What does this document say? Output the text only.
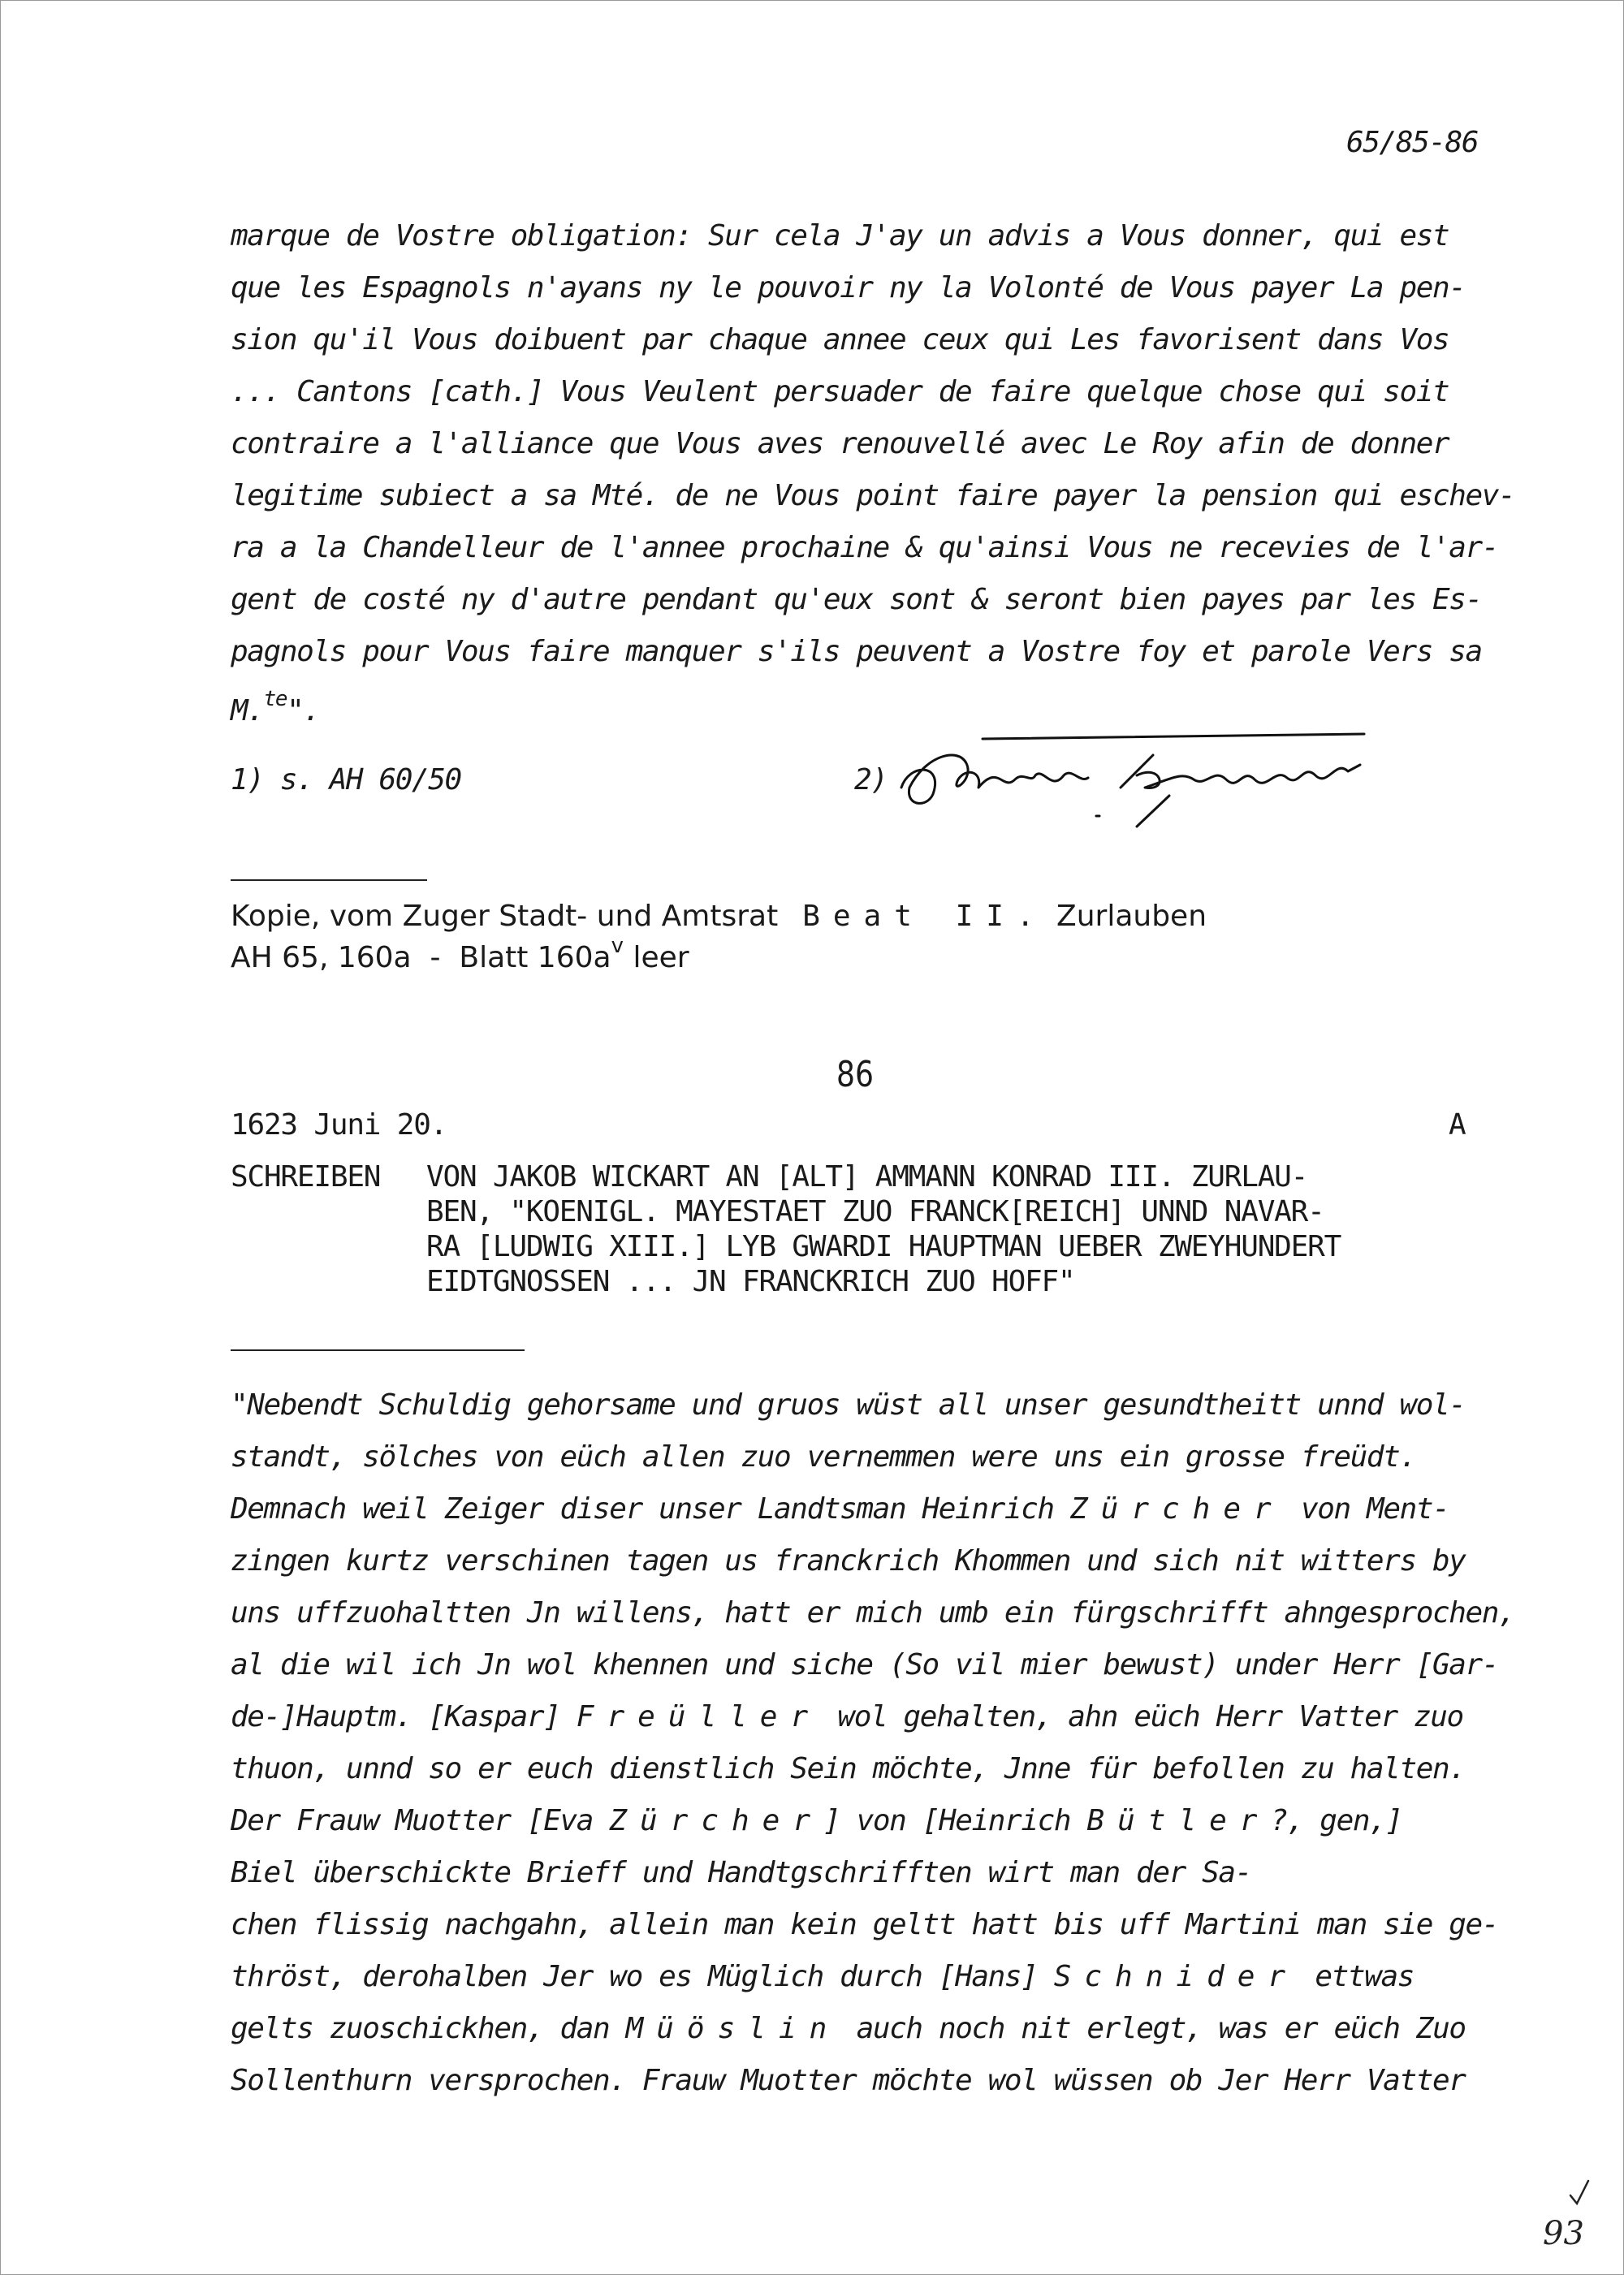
65/85-86
marque de Vostre obligation: Sur cela J'ay un advis a Vous donner, qui est
que les Espagnols n'ayans ny le pouvoir ny la Volonté de Vous payer La pen-
sion qu'il Vous doibuent par chaque annee ceux qui Les favorisent dans Vos
... Cantons [cath.] Vous Veulent persuader de faire quelque chose qui soit
contraire a l'alliance que Vous aves renouvellé avec Le Roy afin de donner
legitime subiect a sa Mté. de ne Vous point faire payer la pension qui eschev-
ra a la Chandelleur de l'annee prochaine & qu'ainsi Vous ne recevies de l'ar-
gent de costé ny d'autre pendant qu'eux sont & seront bien payes par les Es-
pagnols pour Vous faire manquer s'ils peuvent a Vostre foy et parole Vers sa
M.$^{te}$".
1) s. AH 60/50	2)
Kopie, vom Zuger Stadt- und Amtsrat Beat II. Zurlauben
AH 65, 160a  -  Blatt $160a^v$ leer
86
1623 Juni 20.	A
SCHREIBEN VON JAKOB WICKART AN [ALT] AMMANN KONRAD III. ZURLAU-
BEN, "KOENIGL. MAYESTAET ZUO FRANCK[REICH] UNND NAVAR-
RA [LUDWIG XIII.] LYB GWARDI HAUPTMAN UEBER ZWEYHUNDERT
EIDTGNOSSEN ... JN FRANCKRICH ZUO HOFF"
"Nebendt Schuldig gehorsame und gruos wüst all unser gesundtheitt unnd wol-
standt, sölches von eüch allen zuo vernemmen were uns ein grosse freüdt.
Demnach weil Zeiger diser unser Landtsman Heinrich Zürcher von Ment-
zingen kurtz verschinen tagen us franckrich Khommen und sich nit witters by
uns uffzuohaltten Jn willens, hatt er mich umb ein fürgschrifft ahngesprochen,
al die wil ich Jn wol khennen und siche (So vil mier bewust) under Herr [Gar-
de-]Hauptm. [Kaspar] Freüller wol gehalten, ahn eüch Herr Vatter zuo
thuon, unnd so er euch dienstlich Sein möchte, Jnne für befollen zu halten.
Der Frauw Muotter [Eva Zürcher] von [Heinrich Bütler?, gen,]
Biel überschickte Brieff und Handtgschrifften wirt man der Sa-
chen flissig nachgahn, allein man kein geltt hatt bis uff Martini man sie ge-
thröst, derohalben Jer wo es Müglich durch [Hans] Schnider ettwas
gelts zuoschickhen, dan Müöslin auch noch nit erlegt, was er eüch Zuo
Sollenthurn versprochen. Frauw Muotter möchte wol wüssen ob Jer Herr Vatter
93
